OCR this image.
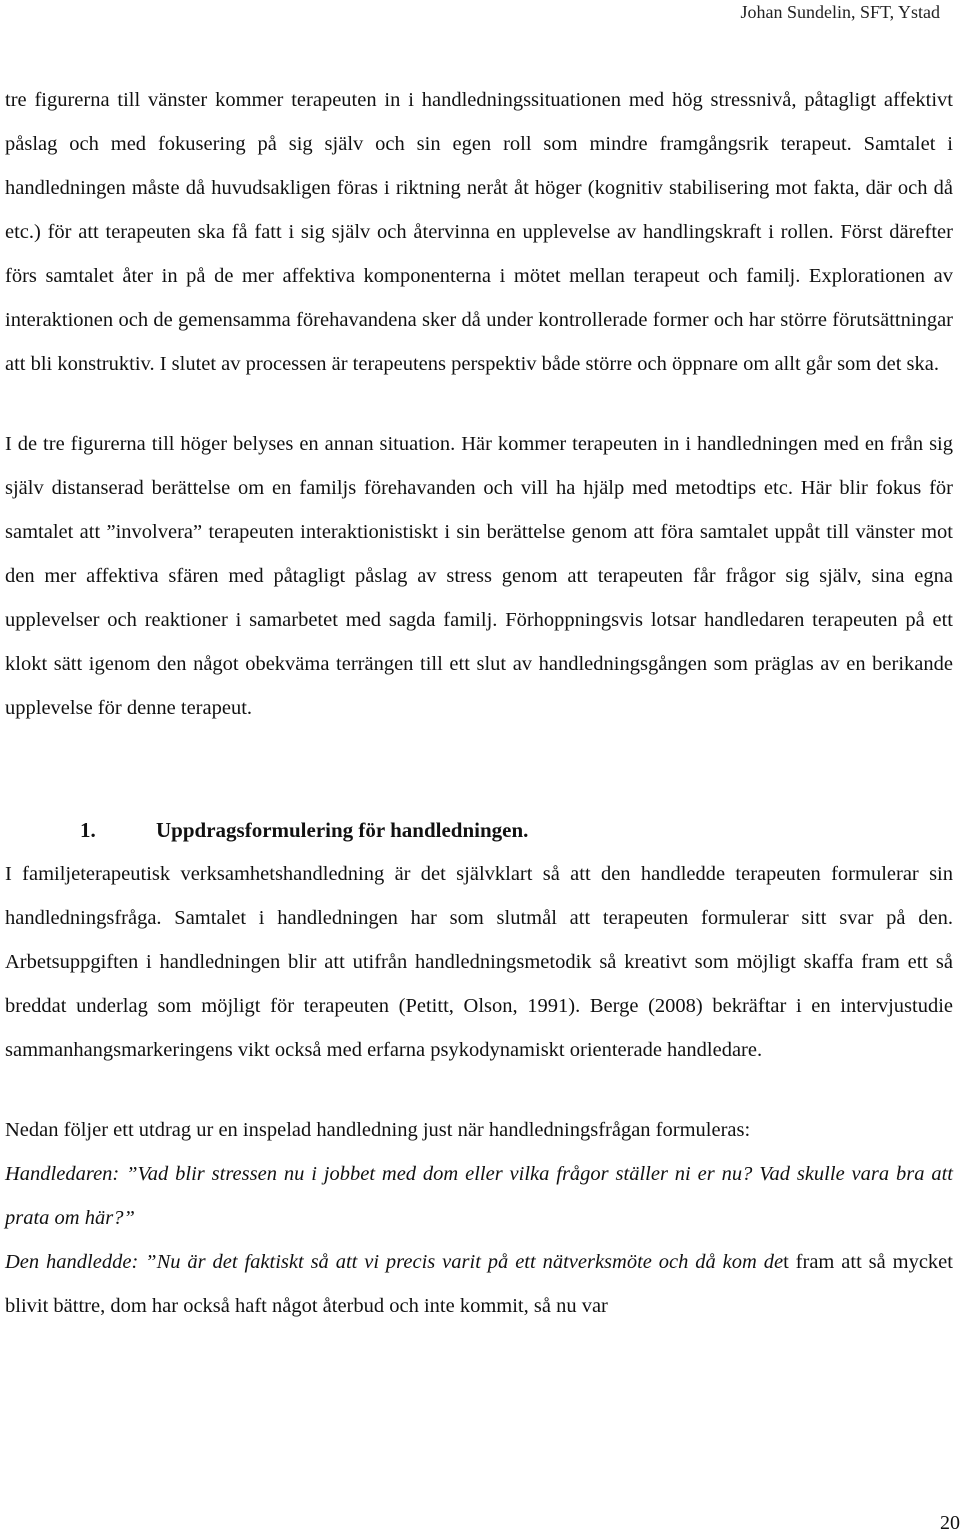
Johan Sundelin, SFT, Ystad

tre figurerna till vänster kommer terapeuten in i handledningssituationen med hög stressnivå, påtagligt affektivt påslag och med fokusering på sig själv och sin egen roll som mindre framgångsrik terapeut. Samtalet i handledningen måste då huvudsakligen föras i riktning neråt åt höger (kognitiv stabilisering mot fakta, där och då etc.) för att terapeuten ska få fatt i sig själv och återvinna en upplevelse av handlingskraft i rollen. Först därefter förs samtalet åter in på de mer affektiva komponenterna i mötet mellan terapeut och familj. Explorationen av interaktionen och de gemensamma förehavandena sker då under kontrollerade former och har större förutsättningar att bli konstruktiv. I slutet av processen är terapeutens perspektiv både större och öppnare om allt går som det ska.

I de tre figurerna till höger belyses en annan situation. Här kommer terapeuten in i handledningen med en från sig själv distanserad berättelse om en familjs förehavanden och vill ha hjälp med metodtips etc. Här blir fokus för samtalet att ”involvera” terapeuten interaktionistiskt i sin berättelse genom att föra samtalet uppåt till vänster mot den mer affektiva sfären med påtagligt påslag av stress genom att terapeuten får frågor sig själv, sina egna upplevelser och reaktioner i samarbetet med sagda familj. Förhoppningsvis lotsar handledaren terapeuten på ett klokt sätt igenom den något obekväma terrängen till ett slut av handledningsgången som präglas av en berikande upplevelse för denne terapeut.

1.	Uppdragsformulering för handledningen.

I familjeterapeutisk verksamhetshandledning är det självklart så att den handledde terapeuten formulerar sin handledningsfråga. Samtalet i handledningen har som slutmål att terapeuten formulerar sitt svar på den. Arbetsuppgiften i handledningen blir att utifrån handledningsmetodik så kreativt som möjligt skaffa fram ett så breddat underlag som möjligt för terapeuten (Petitt, Olson, 1991). Berge (2008) bekräftar i en intervjustudie sammanhangsmarkeringens vikt också med erfarna psykodynamiskt orienterade handledare.

Nedan följer ett utdrag ur en inspelad handledning just när handledningsfrågan formuleras:

Handledaren: ”Vad blir stressen nu i jobbet med dom eller vilka frågor ställer ni er nu? Vad skulle vara bra att prata om här?”

Den handledde: ”Nu är det faktiskt så att vi precis varit på ett nätverksmöte och då kom det fram att så mycket blivit bättre, dom har också haft något återbud och inte kommit, så nu var

20
